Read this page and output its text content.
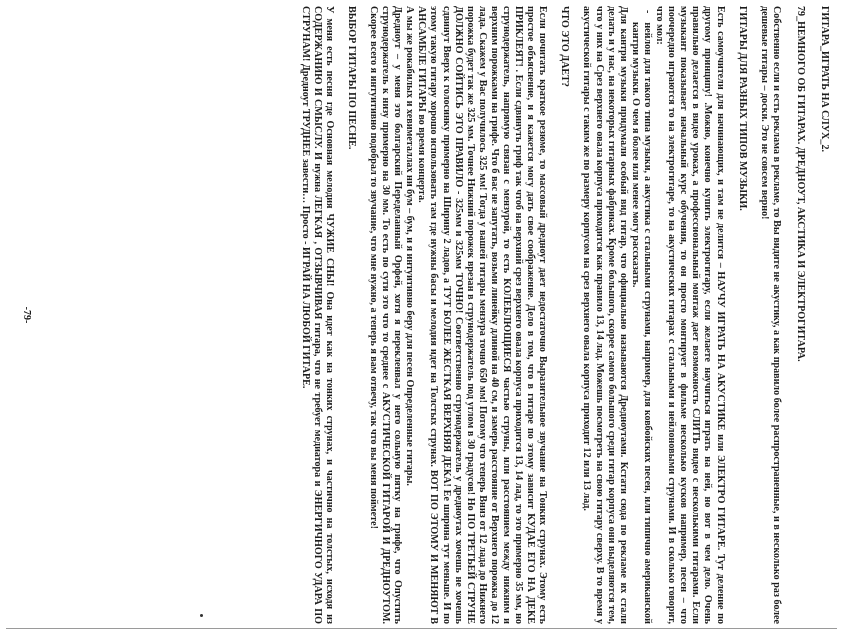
ГИТАРА_ИГРАТЬ НА СЛУХ_2.

79_НЕМНОГО ОБ ГИТАРАХ. ДРЕДНОУТ, АКСТИКА И ЭЛЕКТРОГИТАРА.

Собственно если и есть реклама в рекламе, то Вы видите не акустику, а как правило более распространенные, и в несколько раз более дешевые гитары – доски. Это не совсем верно!

ГИТАРЫ ДЛЯ РАЗНЫХ ТИПОВ МУЗЫКИ.

Есть самоучители для начинающих, и там не делится – НАУЧУ ИГРАТЬ НА АКУСТИКЕ или ЭЛЕКТРО ГИТАРЕ. Тут деление по другому принципу! .Можно, конечно купить электрогитару, если желаете научиться играть на ней, но вот в чем дело. Очень правильно делается в видео уроках, а профессиональный монтаж дает возможность СЛИТЬ видео с несколькими гитарами. Если музыкант показывает начальный курс обучения, то он просто монтирует в фильме несколько кусков например, песен – что поочередно играются то на электрогитаре, то на акустических гитарах с стальными и нейлоновыми струнами. И в сколько говорит, что мол:

-   нейлон для такого типа музыки, а акустика с стальными струнами, например, для ковбойских песен, или типично американской кантри музыки. О чем я более или менее могу рассказать.

Для кантри музыки придумали особый вид гитар, что официально называются Дредноутами. Кстати сюда по рекламе их стали делать и у нас, на некоторых гитарных фабриках. Кроме большого, скорее самого большого среди гитар корпуса они выделяются тем, что у них на Срез верхнего овала корпуса приходится как правило 13, 14 лад. Можешь посмотреть на свою гитару сверху. В то время у акустической гитары с таким же по размеру корпусом на срез верхнего овала корпуса приходит 12 или 13 лад.

ЧТО ЭТО ДАЕТ?

Если почитать краткое резюме, то массовый дредноут дает недостаточно Выразительное звучание на Тонких струнах. Этому есть простое объяснение, и я кажется могу дать свое соображение. Дело в том, что в гитаре по этому зависит КУДАЕ ЕГО НА ДЕКЕ ПРИКЛЕЯТ! . Если сдвинуть гриф так чтоб на верхний срез верхнего овала корпуса приходится 13, 14 лад, то это примерно 35 мм, но струнодержатель, напрямую связан с мензурой, то есть КОЛЕБЛЮЩИЕСЯ частью струны, или расстоянием между нижним и верхним порожками на грифе. Что б вас не запутать, возьми линейку длиной на 40 см, и замерь расстояние от Верхнего порожка до 12 лада. Скажем у Вас получилось 325 мм! Тогда у вашей гитары мензура точно 650 мм! Потому что теперь Вниз от 12 лада до Нижнего порожка будет так же 325 мм. Точнее Нижний порожек врезан в струнодержатель под углом в 30 градусов! Но ПО ТРЕТЬЕЙ СТРУНЕ ДОЛЖНО СОЙТИСЬ ЭТО ПРАВИЛО - 325мм и 325мм ТОЧНО! Соответственно струнодержатель у дредноутах хочешь не хочешь сдвинут Вверх к голосинку примерно на Ширину 2 ладов, а ТУТ БОЛЕЕ ЖЕСТКАЯ ВЕРХНЯЯ ДЕКА! Ее ширина тут меньше. И по этому такую гитару хорошо использовать там где нужны басы и мелодия идет на Толстых струнах. ВОТ ПО ЭТОМУ И МЕНЯЮТ В АНСАМБЛЕ ГИТАРЫ во время концерта.

А мы же рокабилых и хевиметаллах ни бум – бум, и я интуитивно беру для песен Определенные гитары.

Дредноут – у меня это болгарский Переделанный Орфей, хотя я перекленвал у него сольную пятку на грифе, что Опустить струнодержатель к низу примерно на 30 мм. То есть по сути это что то среднее с АКУСТИЧЕСКОЙ ГИТАРОЙ И ДРЕДНОУТОМ. Скорее всего я интуитивно подобрал то звучание, что мне нужно, а теперь я вам отвечу, так что вы меня поймете!

ВЫБОР ГИТАРЫ ПО ПЕСНЕ.

У меня есть песня где Основная мелодия ЧУЖИЕ СНЫ! Она идет как на тонких струнах, и частично на толстых, исходя из СОДЕРЖАНИЮ И СМЫСЛУ. И нужна ЛЕГКАЯ , ОТЗЫВЧИВАЯ гитара, что не требует медиатора и ЭНЕРГИЧНОГО УДАРА ПО СТРУНАМ! Дредноут ТРУДНЕЕ завести… Просто - ИГРАЙ НА ЛЮБОЙ ГИТАРЕ.

-79-
